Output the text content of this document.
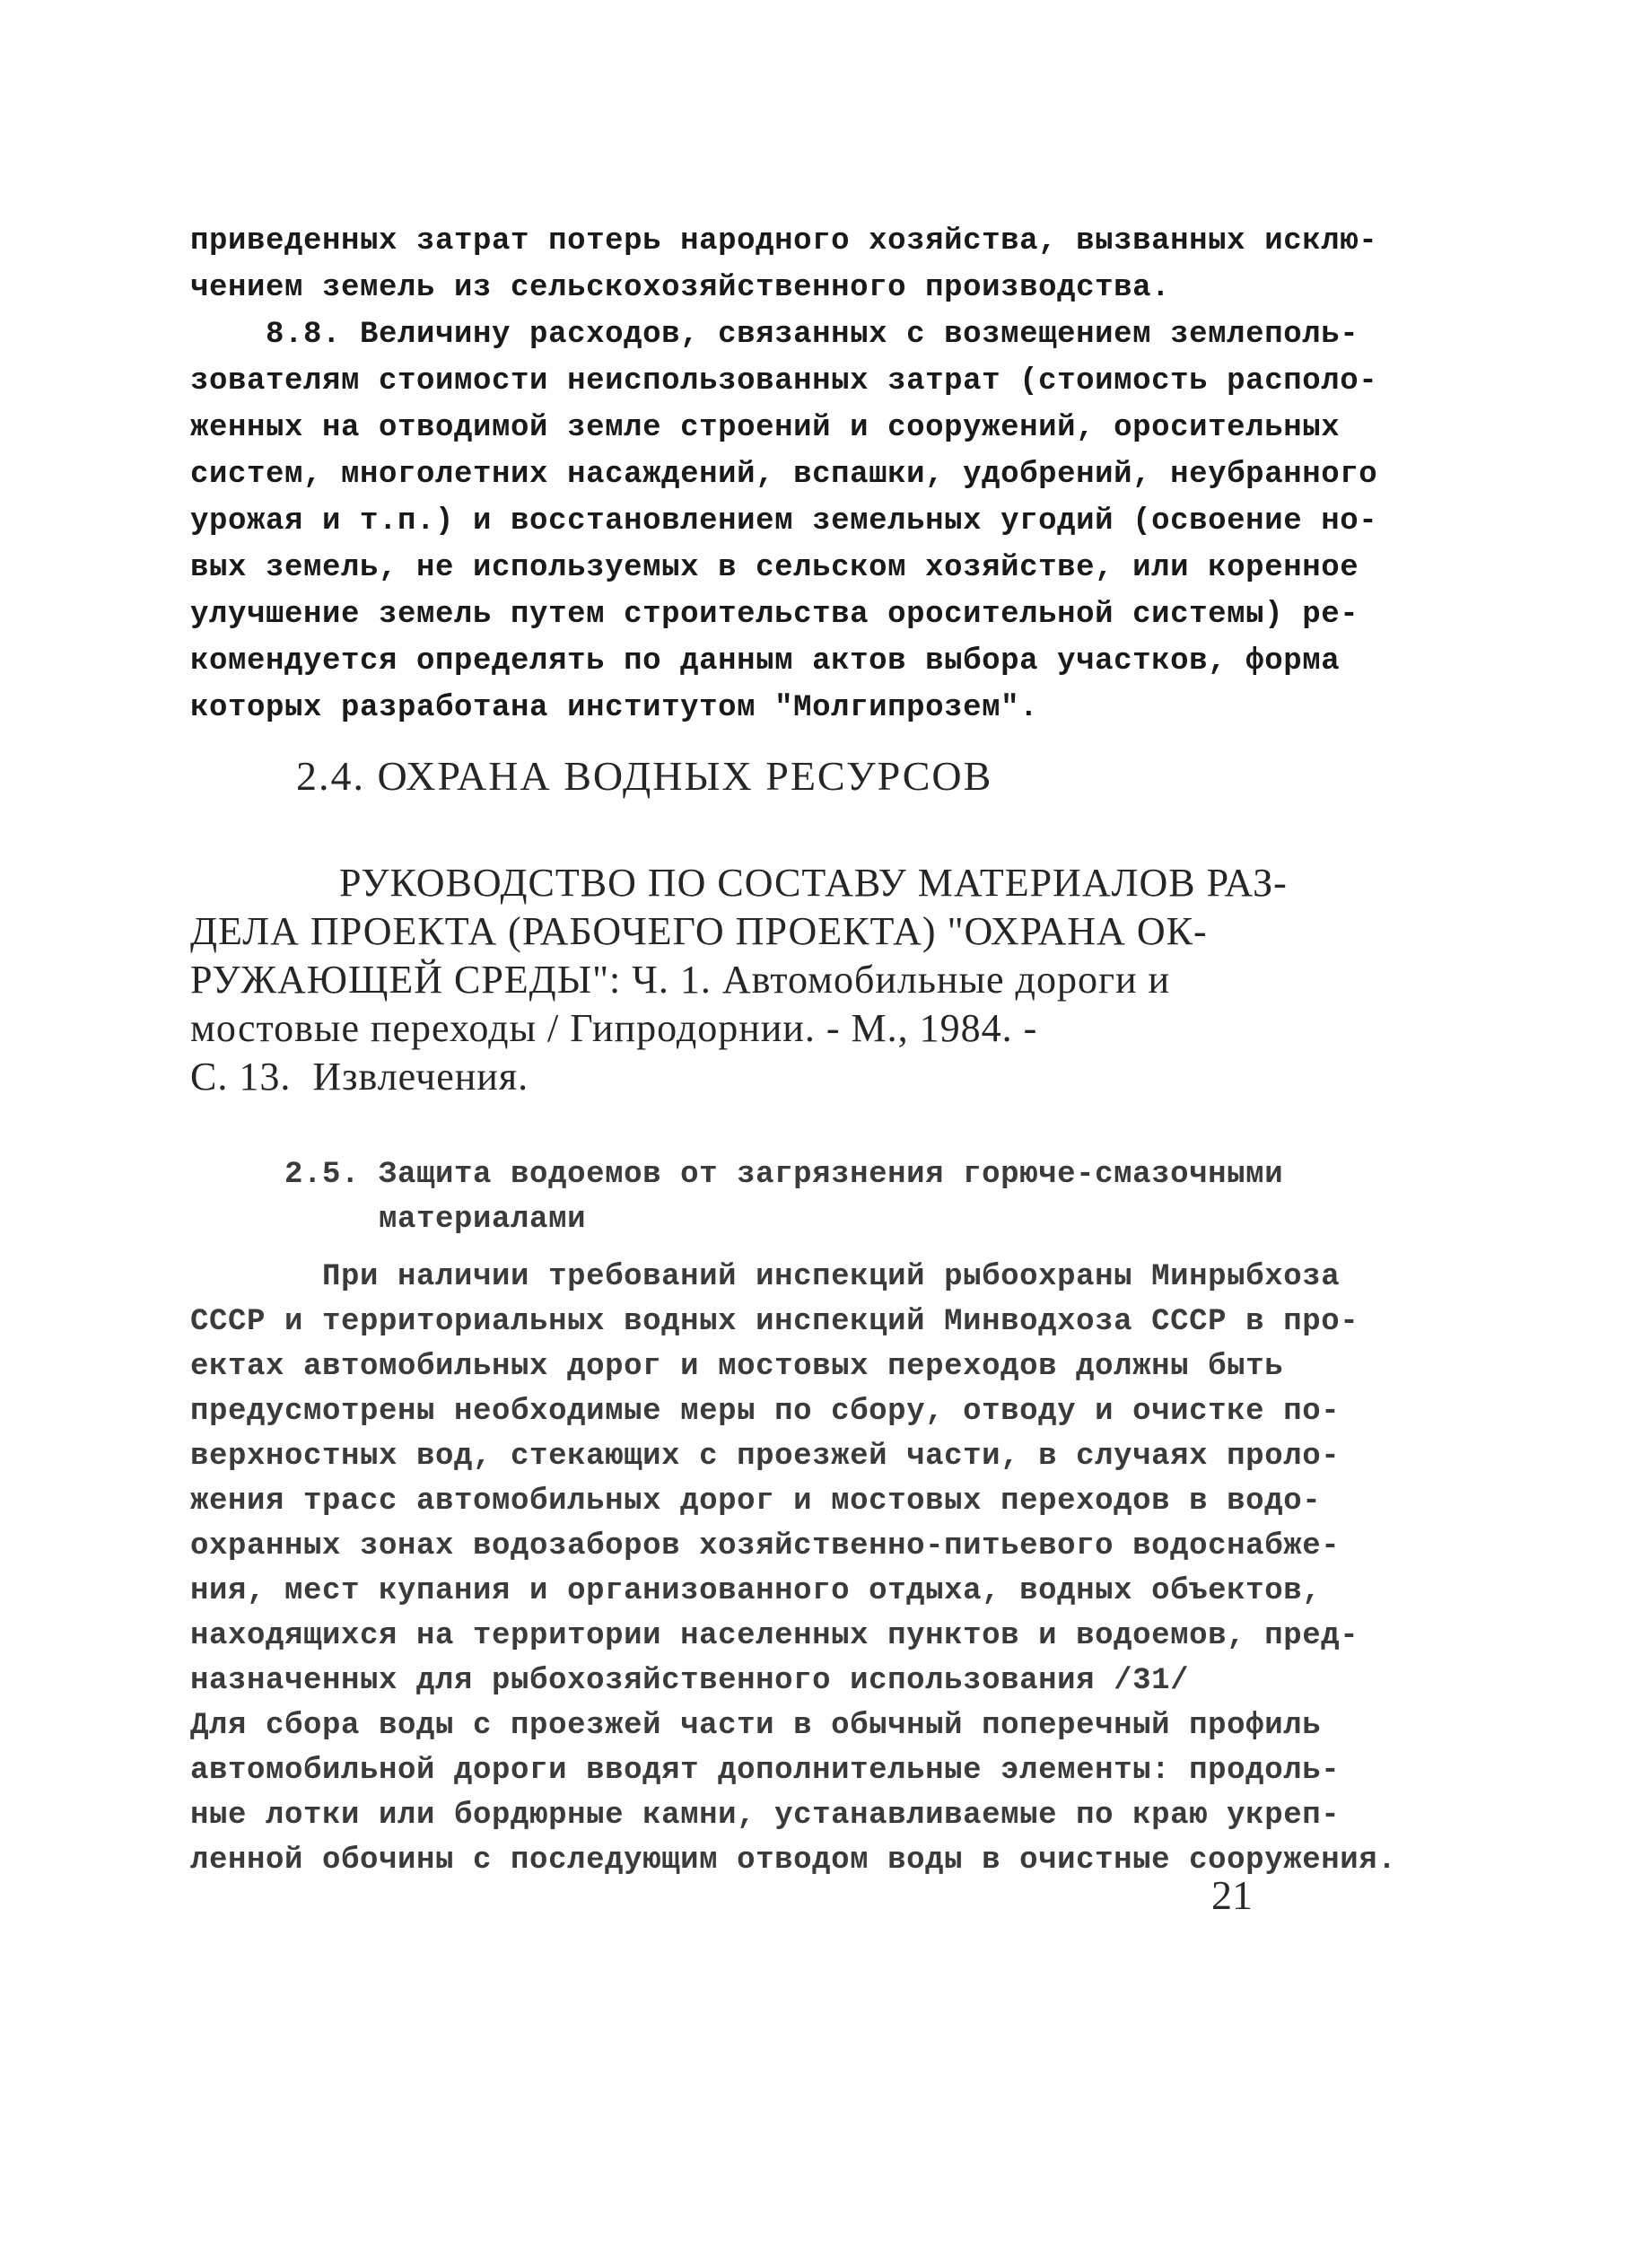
приведенных затрат потерь народного хозяйства, вызванных исклю-

чением земель из сельскохозяйственного производства.

8.8. Величину расходов, связанных с возмещением землеполь-

зователям стоимости неиспользованных затрат (стоимость располо-

женных на отводимой земле строений и сооружений, оросительных

систем, многолетних насаждений, вспашки, удобрений, неубранного

урожая и т.п.) и восстановлением земельных угодий (освоение но-

вых земель, не используемых в сельском хозяйстве, или коренное

улучшение земель путем строительства оросительной системы) ре-

комендуется определять по данным актов выбора участков, форма

которых разработана институтом "Молгипрозем".

2.4. ОХРАНА ВОДНЫХ РЕСУРСОВ

РУКОВОДСТВО ПО СОСТАВУ МАТЕРИАЛОВ РАЗ-

ДЕЛА ПРОЕКТА (РАБОЧЕГО ПРОЕКТА) "ОХРАНА ОК-

РУЖАЮЩЕЙ СРЕДЫ": Ч. 1. Автомобильные дороги и

мостовые переходы / Гипродорнии. - М., 1984. -

С. 13.  Извлечения.

2.5. Защита водоемов от загрязнения горюче-смазочными

материалами

При наличии требований инспекций рыбоохраны Минрыбхоза

СССР и территориальных водных инспекций Минводхоза СССР в про-

ектах автомобильных дорог и мостовых переходов должны быть

предусмотрены необходимые меры по сбору, отводу и очистке по-

верхностных вод, стекающих с проезжей части, в случаях проло-

жения трасс автомобильных дорог и мостовых переходов в водо-

охранных зонах водозаборов хозяйственно-питьевого водоснабже-

ния, мест купания и организованного отдыха, водных объектов,

находящихся на территории населенных пунктов и водоемов, пред-

назначенных для рыбохозяйственного использования /31/

Для сбора воды с проезжей части в обычный поперечный профиль

автомобильной дороги вводят дополнительные элементы: продоль-

ные лотки или бордюрные камни, устанавливаемые по краю укреп-

ленной обочины с последующим отводом воды в очистные сооружения.

21
